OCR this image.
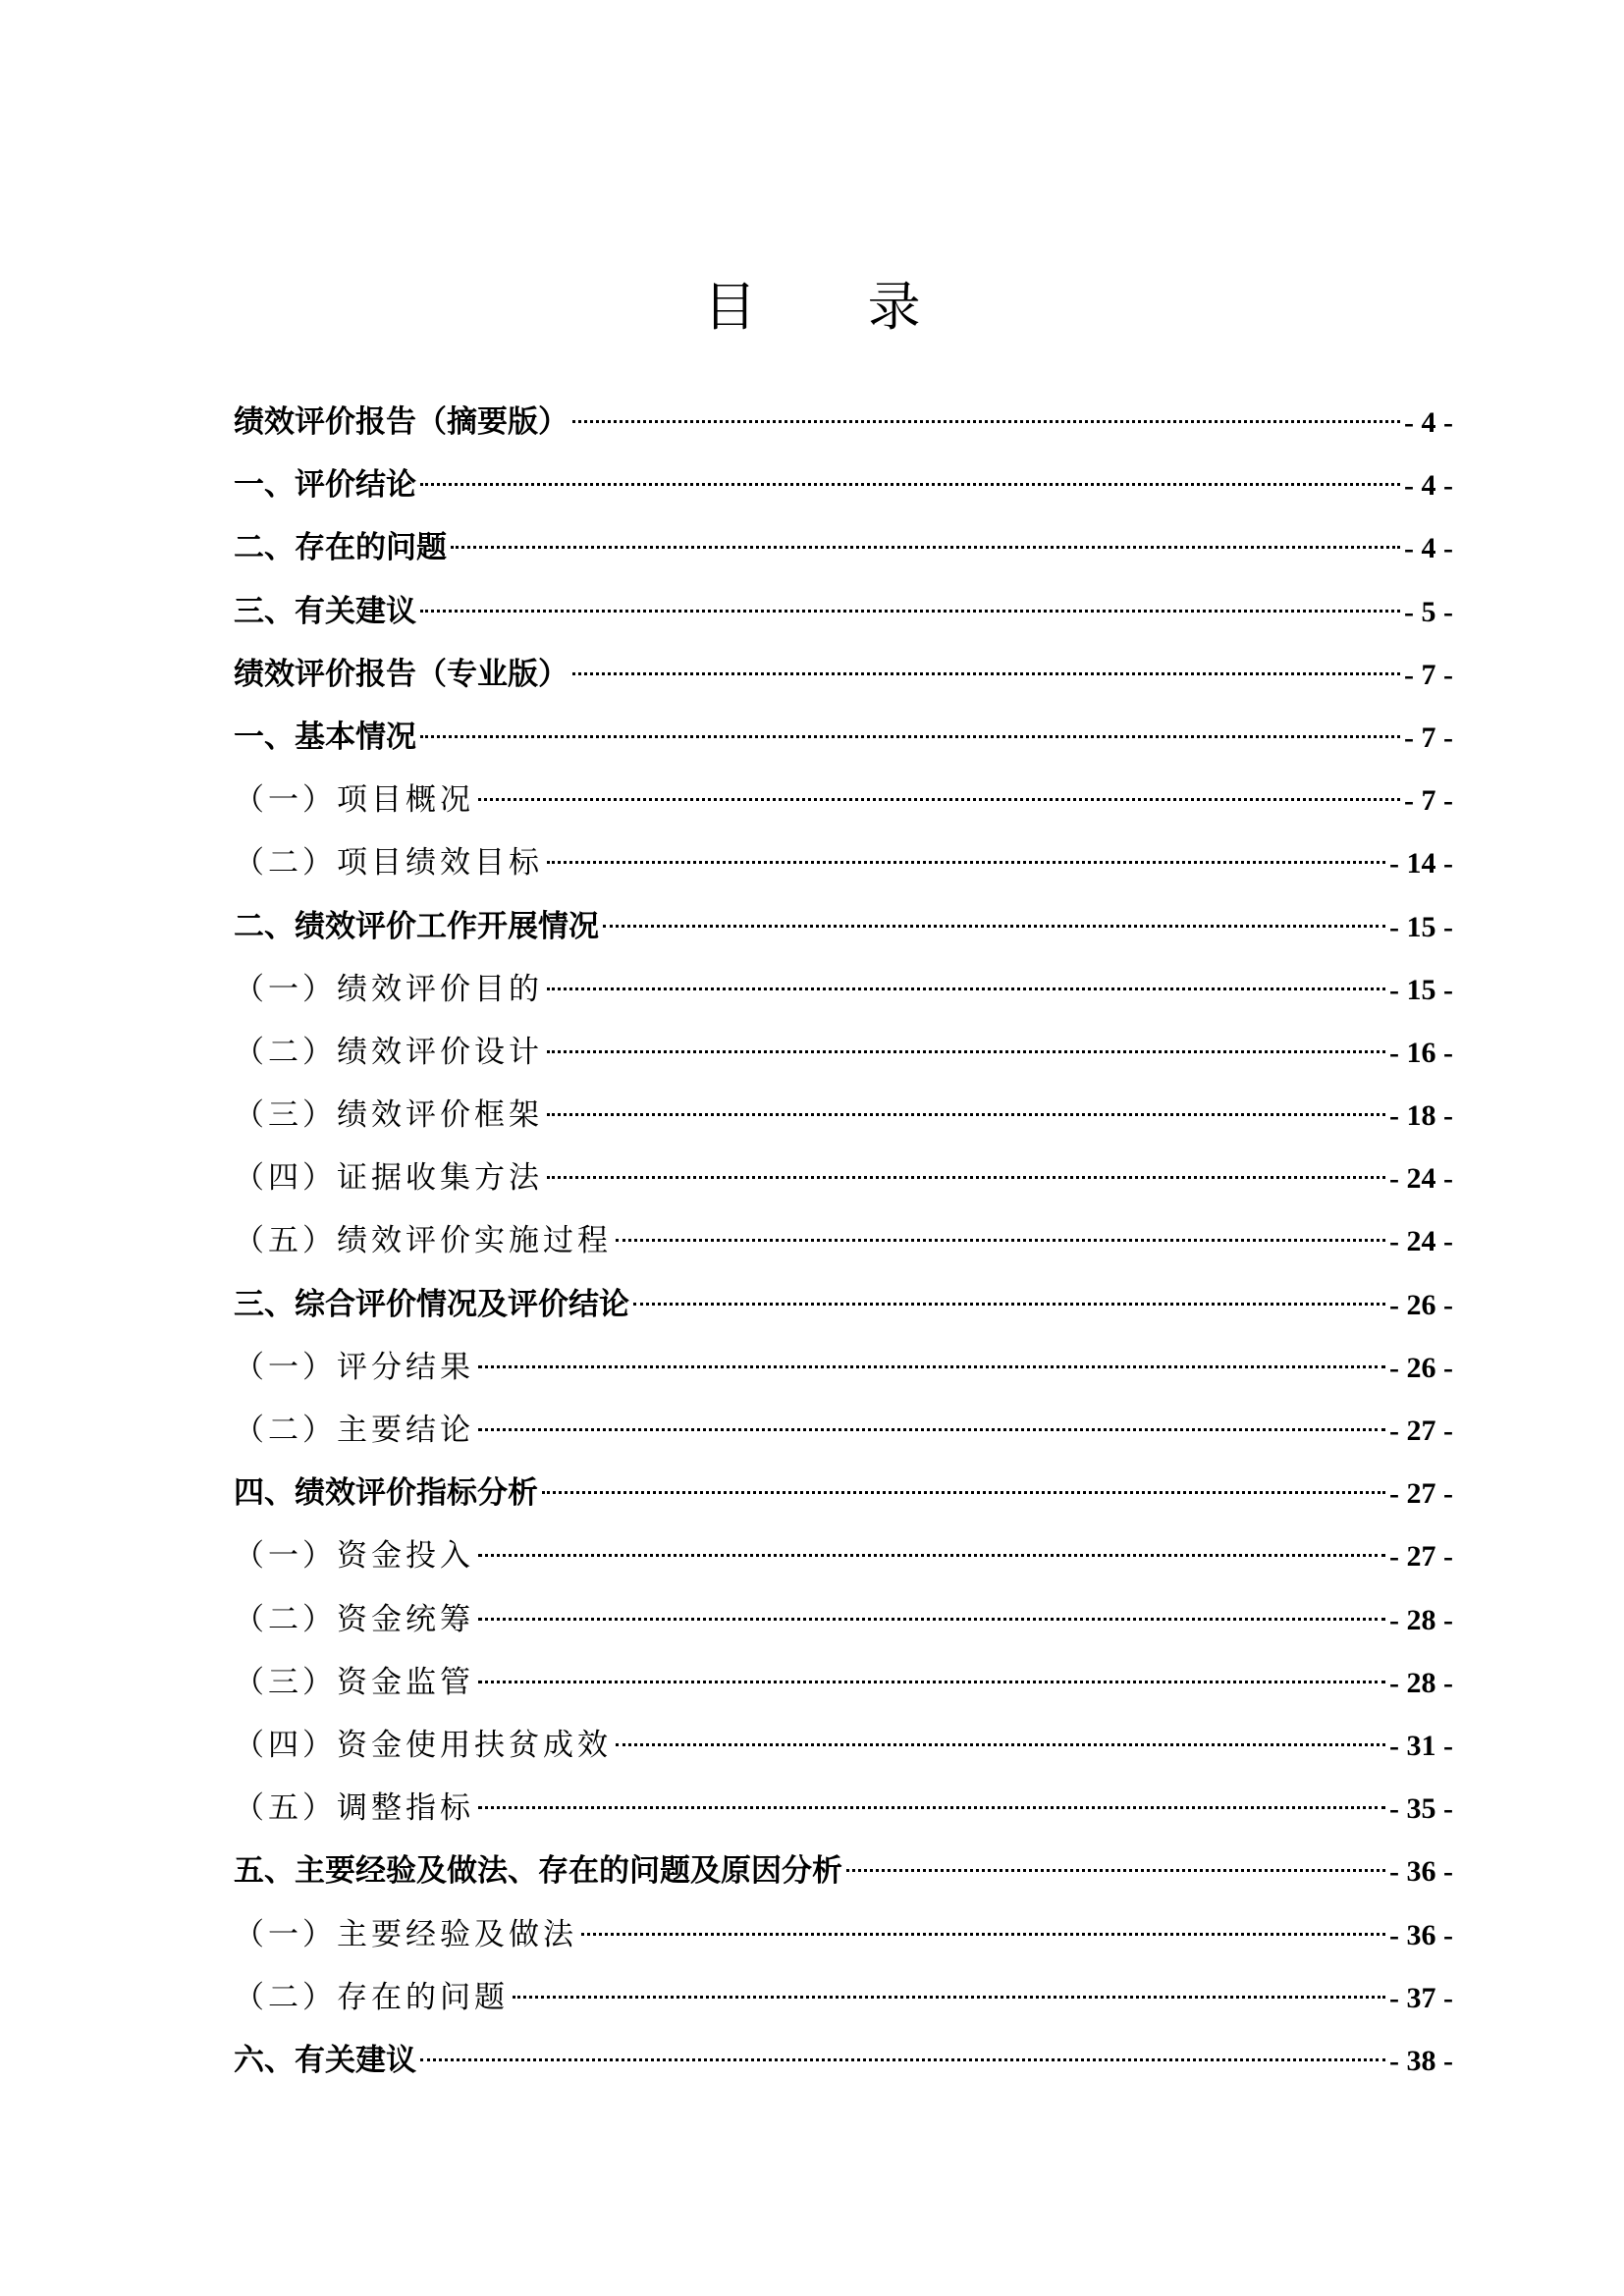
目 录
绩效评价报告（摘要版）	- 4 -
一、评价结论	- 4 -
二、存在的问题	- 4 -
三、有关建议	- 5 -
绩效评价报告（专业版）	- 7 -
一、基本情况	- 7 -
（一）项目概况	- 7 -
（二）项目绩效目标	- 14 -
二、绩效评价工作开展情况	- 15 -
（一）绩效评价目的	- 15 -
（二）绩效评价设计	- 16 -
（三）绩效评价框架	- 18 -
（四）证据收集方法	- 24 -
（五）绩效评价实施过程	- 24 -
三、综合评价情况及评价结论	- 26 -
（一）评分结果	- 26 -
（二）主要结论	- 27 -
四、绩效评价指标分析	- 27 -
（一）资金投入	- 27 -
（二）资金统筹	- 28 -
（三）资金监管	- 28 -
（四）资金使用扶贫成效	- 31 -
（五）调整指标	- 35 -
五、主要经验及做法、存在的问题及原因分析	- 36 -
（一）主要经验及做法	- 36 -
（二）存在的问题	- 37 -
六、有关建议	- 38 -
